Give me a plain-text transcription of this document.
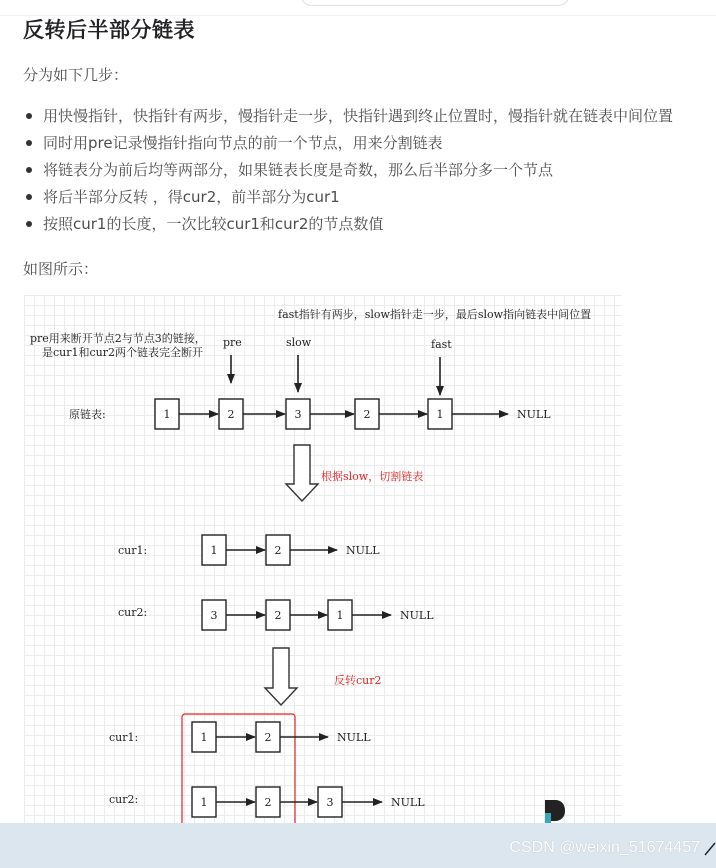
反转后半部分链表
分为如下几步：
用快慢指针，快指针有两步，慢指针走一步，快指针遇到终止位置时，慢指针就在链表中间位置
同时用pre记录慢指针指向节点的前一个节点，用来分割链表
将链表分为前后均等两部分，如果链表长度是奇数，那么后半部分多一个节点
将后半部分反转 ，得cur2，前半部分为cur1
按照cur1的长度，一次比较cur1和cur2的节点数值
如图所示：
fast指针有两步，slow指针走一步，最后slow指向链表中间位置
pre用来断开节点2与节点3的链接，
是cur1和cur2两个链表完全断开
pre	slow	fast
原链表:	1	2	3	2	1	NULL
根据slow，切割链表
cur1:	1	2	NULL
cur2:	3	2	1	NULL
反转cur2
cur1:	1	2	NULL
cur2:	1	2	3	NULL
CSDN @weixin_51674457
